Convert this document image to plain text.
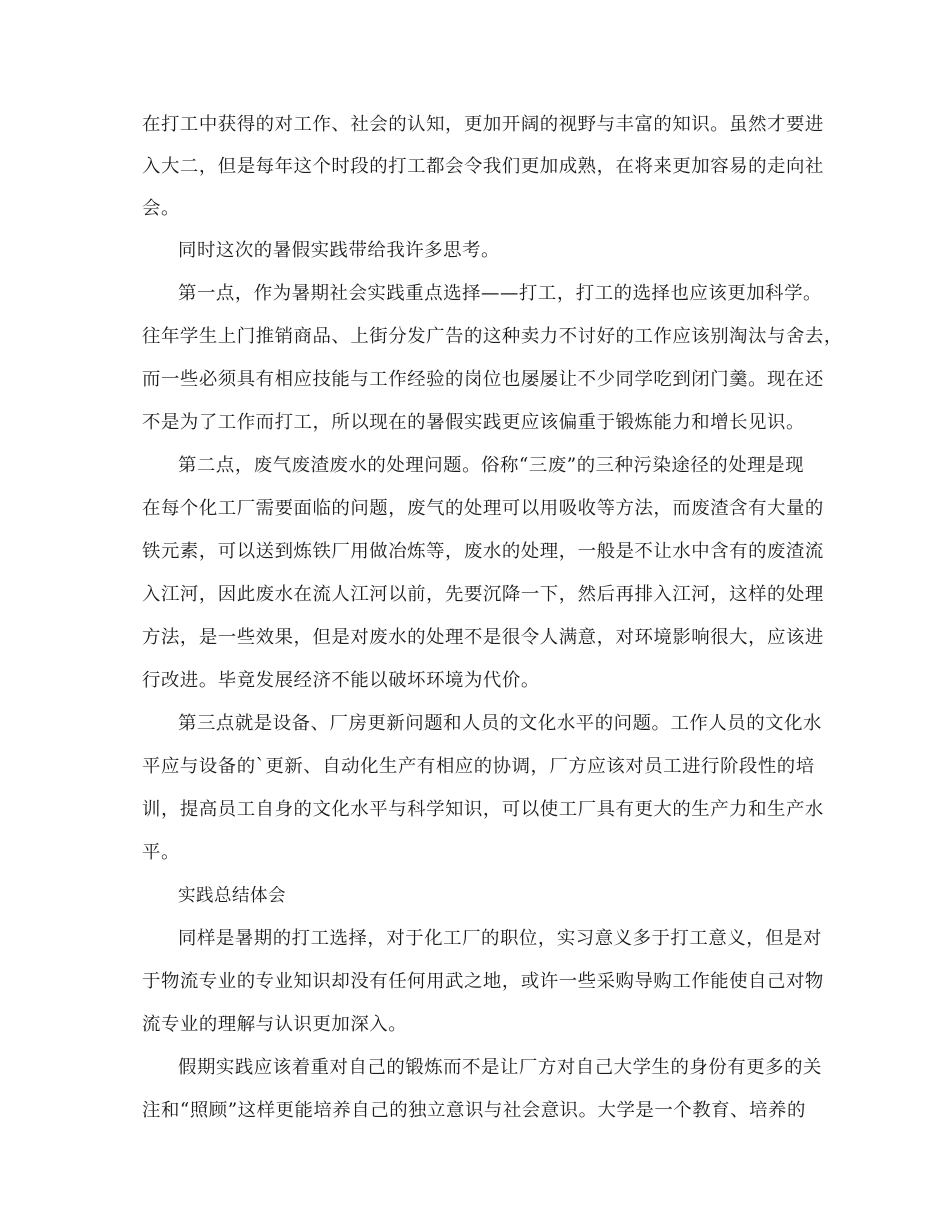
在打工中获得的对工作、社会的认知，更加开阔的视野与丰富的知识。虽然才要进
入大二，但是每年这个时段的打工都会令我们更加成熟，在将来更加容易的走向社
会。
同时这次的暑假实践带给我许多思考。
第一点，作为暑期社会实践重点选择——打工，打工的选择也应该更加科学。
往年学生上门推销商品、上街分发广告的这种卖力不讨好的工作应该别淘汰与舍去，
而一些必须具有相应技能与工作经验的岗位也屡屡让不少同学吃到闭门羹。现在还
不是为了工作而打工，所以现在的暑假实践更应该偏重于锻炼能力和增长见识。
第二点，废气废渣废水的处理问题。俗称“三废”的三种污染途径的处理是现
在每个化工厂需要面临的问题，废气的处理可以用吸收等方法，而废渣含有大量的
铁元素，可以送到炼铁厂用做冶炼等，废水的处理，一般是不让水中含有的废渣流
入江河，因此废水在流人江河以前，先要沉降一下，然后再排入江河，这样的处理
方法，是一些效果，但是对废水的处理不是很令人满意，对环境影响很大，应该进
行改进。毕竟发展经济不能以破坏环境为代价。
第三点就是设备、厂房更新问题和人员的文化水平的问题。工作人员的文化水
平应与设备的`更新、自动化生产有相应的协调，厂方应该对员工进行阶段性的培
训，提高员工自身的文化水平与科学知识，可以使工厂具有更大的生产力和生产水
平。
实践总结体会
同样是暑期的打工选择，对于化工厂的职位，实习意义多于打工意义，但是对
于物流专业的专业知识却没有任何用武之地，或许一些采购导购工作能使自己对物
流专业的理解与认识更加深入。
假期实践应该着重对自己的锻炼而不是让厂方对自己大学生的身份有更多的关
注和“照顾”这样更能培养自己的独立意识与社会意识。大学是一个教育、培养的
